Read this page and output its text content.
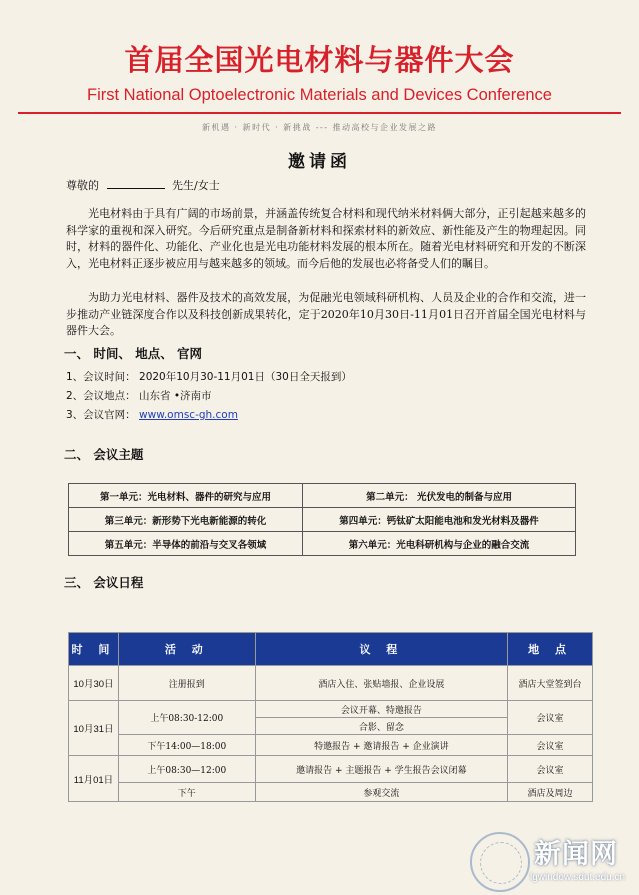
首届全国光电材料与器件大会
First National Optoelectronic Materials and Devices Conference
新机遇 · 新时代 · 新挑战 --- 推动高校与企业发展之路
邀请函
尊敬的	先生/女士
光电材料由于具有广阔的市场前景，并涵盖传统复合材料和现代纳米材料俩大部分，正引起越来越多的科学家的重视和深入研究。今后研究重点是制备新材料和探索材料的新效应、新性能及产生的物理起因。同时，材料的器件化、功能化、产业化也是光电功能材料发展的根本所在。随着光电材料研究和开发的不断深入，光电材料正逐步被应用与越来越多的领域。而今后他的发展也必将备受人们的瞩目。
为助力光电材料、器件及技术的高效发展，为促融光电领域科研机构、人员及企业的合作和交流，进一步推动产业链深度合作以及科技创新成果转化，定于2020年10月30日-11月01日召开首届全国光电材料与器件大会。
一、 时间、 地点、 官网
1、会议时间： 2020年10月30-11月01日（30日全天报到）
2、会议地点： 山东省 •济南市
3、会议官网： www.omsc-gh.com
二、 会议主题
第一单元：光电材料、器件的研究与应用	第二单元： 光伏发电的制备与应用
第三单元：新形势下光电新能源的转化	第四单元：钙钛矿太阳能电池和发光材料及器件
第五单元：半导体的前沿与交叉各领域	第六单元：光电科研机构与企业的融合交流
三、 会议日程
时 间	活 动	议 程	地 点
10月30日	注册报到	酒店入住、张贴墙报、企业设展	酒店大堂签到台
10月31日	上午08:30-12:00	会议开幕、特邀报告	会议室
		合影、留念	
	下午14:00—18:00	特邀报告 + 邀请报告 + 企业演讲	会议室
11月01日	上午08:30—12:00	邀请报告 + 主题报告 + 学生报告会议闭幕	会议室
	下午	参观交流	酒店及周边
新闻网
lgwindow.sdut.edu.cn
